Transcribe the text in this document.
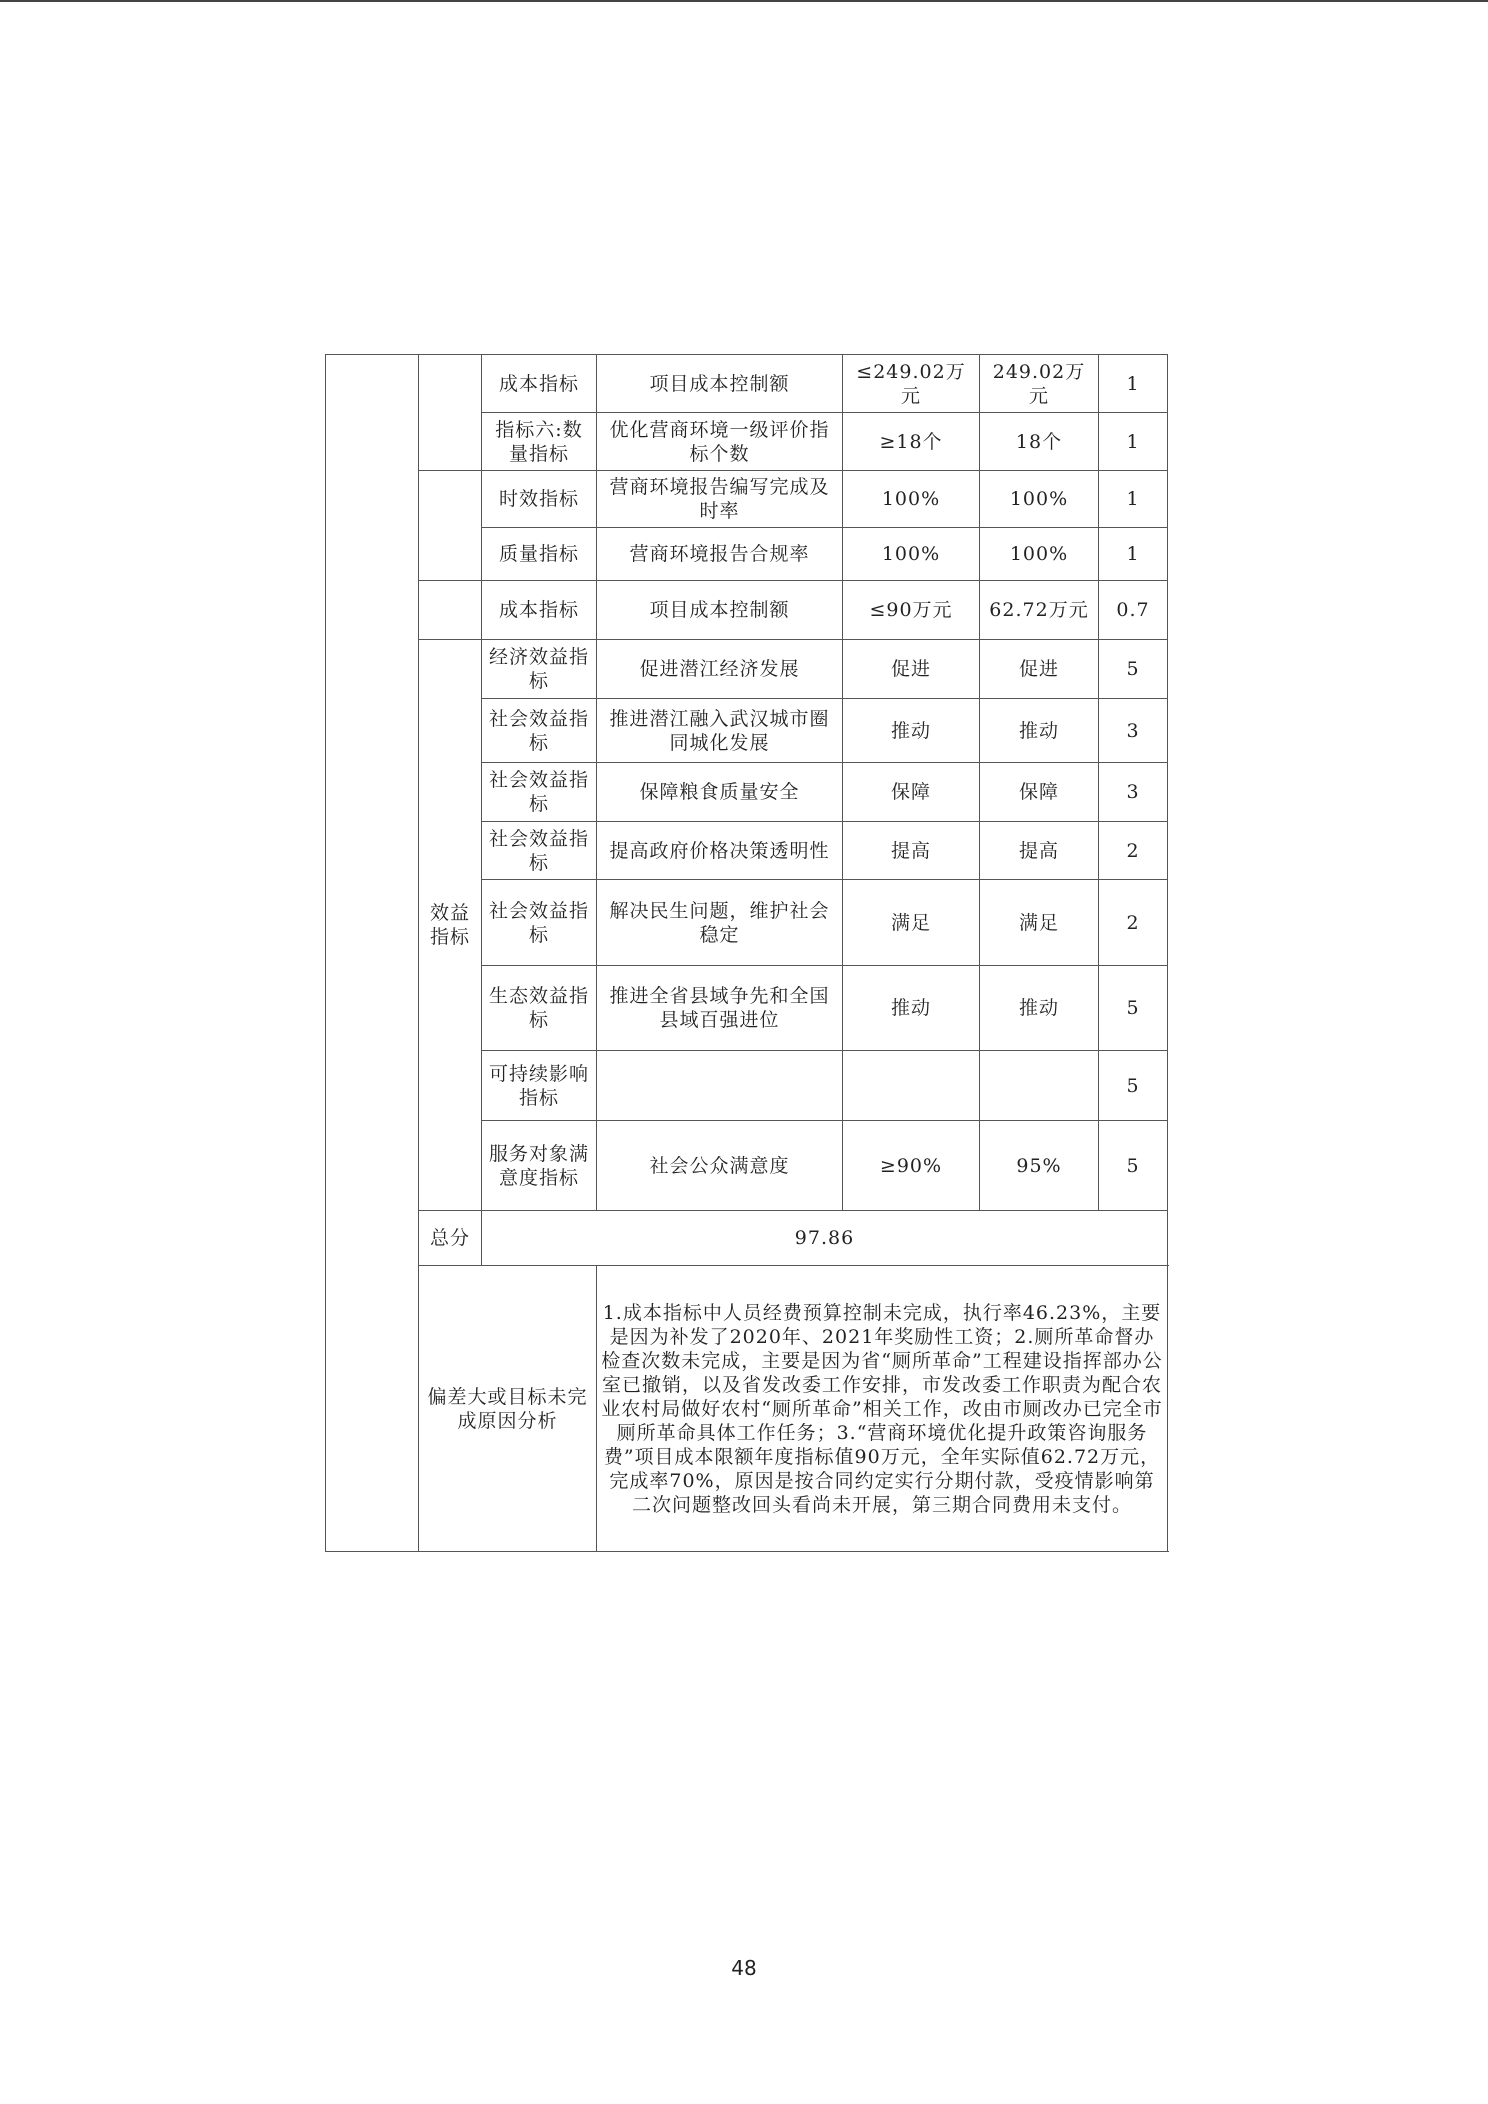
		成本指标	项目成本控制额	≤249.02万元	249.02万元	1
		指标六:数量指标	优化营商环境一级评价指标个数	≥18个	18个	1
		时效指标	营商环境报告编写完成及时率	100%	100%	1
		质量指标	营商环境报告合规率	100%	100%	1
		成本指标	项目成本控制额	≤90万元	62.72万元	0.7
	效益指标	经济效益指标	促进潜江经济发展	促进	促进	5
		社会效益指标	推进潜江融入武汉城市圈同城化发展	推动	推动	3
		社会效益指标	保障粮食质量安全	保障	保障	3
		社会效益指标	提高政府价格决策透明性	提高	提高	2
		社会效益指标	解决民生问题，维护社会稳定	满足	满足	2
		生态效益指标	推进全省县域争先和全国县域百强进位	推动	推动	5
		可持续影响指标				5
		服务对象满意度指标	社会公众满意度	≥90%	95%	5
	总分	97.86				
	偏差大或目标未完成原因分析		1.成本指标中人员经费预算控制未完成，执行率46.23%，主要是因为补发了2020年、2021年奖励性工资；2.厕所革命督办检查次数未完成，主要是因为省“厕所革命”工程建设指挥部办公室已撤销，以及省发改委工作安排，市发改委工作职责为配合农业农村局做好农村“厕所革命”相关工作，改由市厕改办已完全市厕所革命具体工作任务；3.“营商环境优化提升政策咨询服务费”项目成本限额年度指标值90万元，全年实际值62.72万元，完成率70%，原因是按合同约定实行分期付款，受疫情影响第二次问题整改回头看尚未开展，第三期合同费用未支付。			
48
